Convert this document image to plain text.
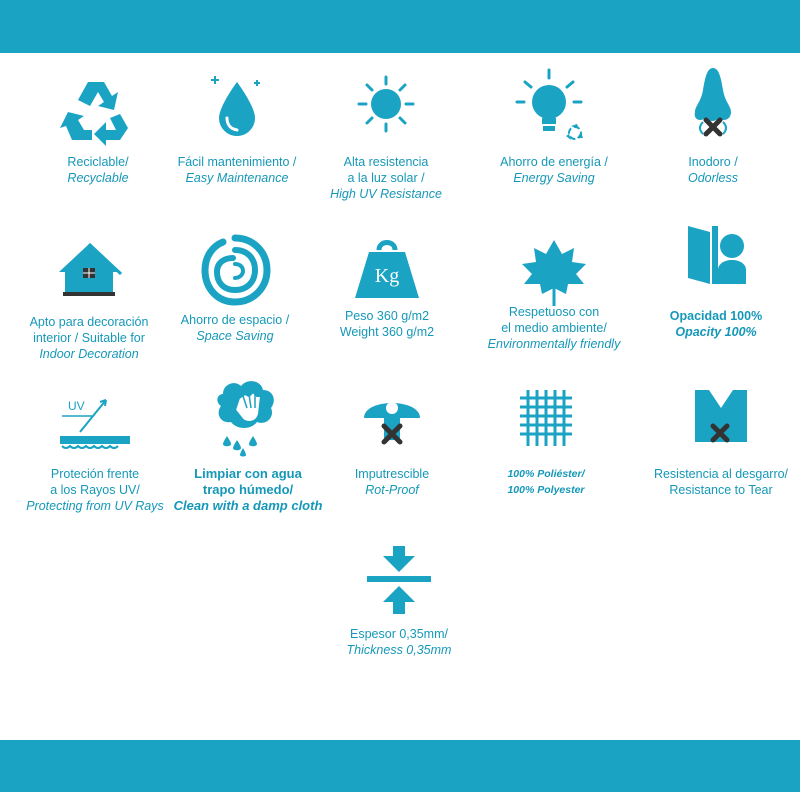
Reciclable/
Recyclable
Fácil mantenimiento /
Easy Maintenance
Alta resistencia
a la luz solar /
High UV Resistance
Ahorro de energía /
Energy Saving
Inodoro /
Odorless
Apto para decoración
interior / Suitable for
Indoor Decoration
Ahorro de espacio /
Space Saving
Kg
Peso 360 g/m2
Weight 360 g/m2
Respetuoso con
el medio ambiente/
Environmentally friendly
Opacidad 100%
Opacity 100%
UV
Proteción frente
a los Rayos UV/
Protecting from UV Rays
Limpiar con agua
trapo húmedo/
Clean with a damp cloth
Imputrescible
Rot-Proof
100% Poliéster/
100% Polyester
Resistencia al desgarro/
Resistance to Tear
Espesor 0,35mm/
Thickness 0,35mm
